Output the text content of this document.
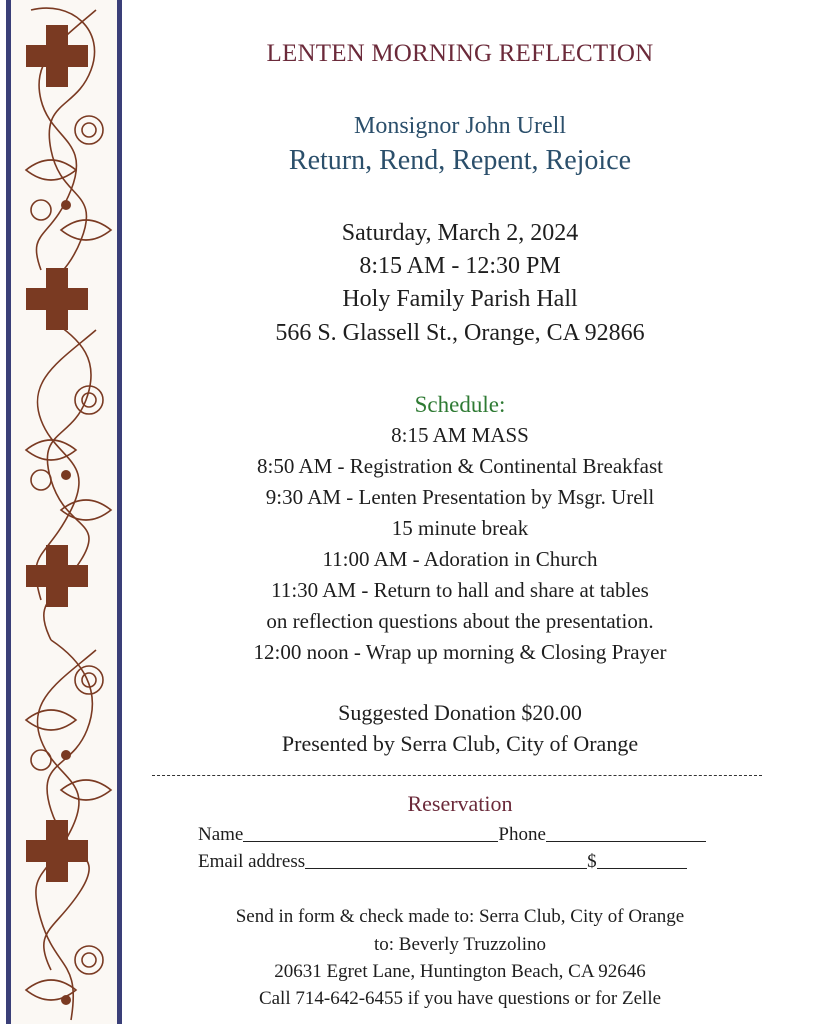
LENTEN MORNING REFLECTION
Monsignor John Urell
Return, Rend, Repent, Rejoice
Saturday, March 2, 2024
8:15 AM - 12:30 PM
Holy Family Parish Hall
566 S. Glassell St., Orange, CA 92866
Schedule:
8:15 AM MASS
8:50 AM - Registration & Continental Breakfast
9:30 AM - Lenten Presentation by Msgr. Urell
15 minute break
11:00 AM - Adoration in Church
11:30 AM - Return to hall and share at tables
on reflection questions about the presentation.
12:00 noon - Wrap up morning & Closing Prayer
Suggested Donation $20.00
Presented by Serra Club, City of Orange
Reservation
Name	Phone
Email address	$
Send in form & check made to: Serra Club, City of Orange
to: Beverly Truzzolino
20631 Egret Lane, Huntington Beach, CA 92646
Call 714-642-6455 if you have questions or for Zelle
